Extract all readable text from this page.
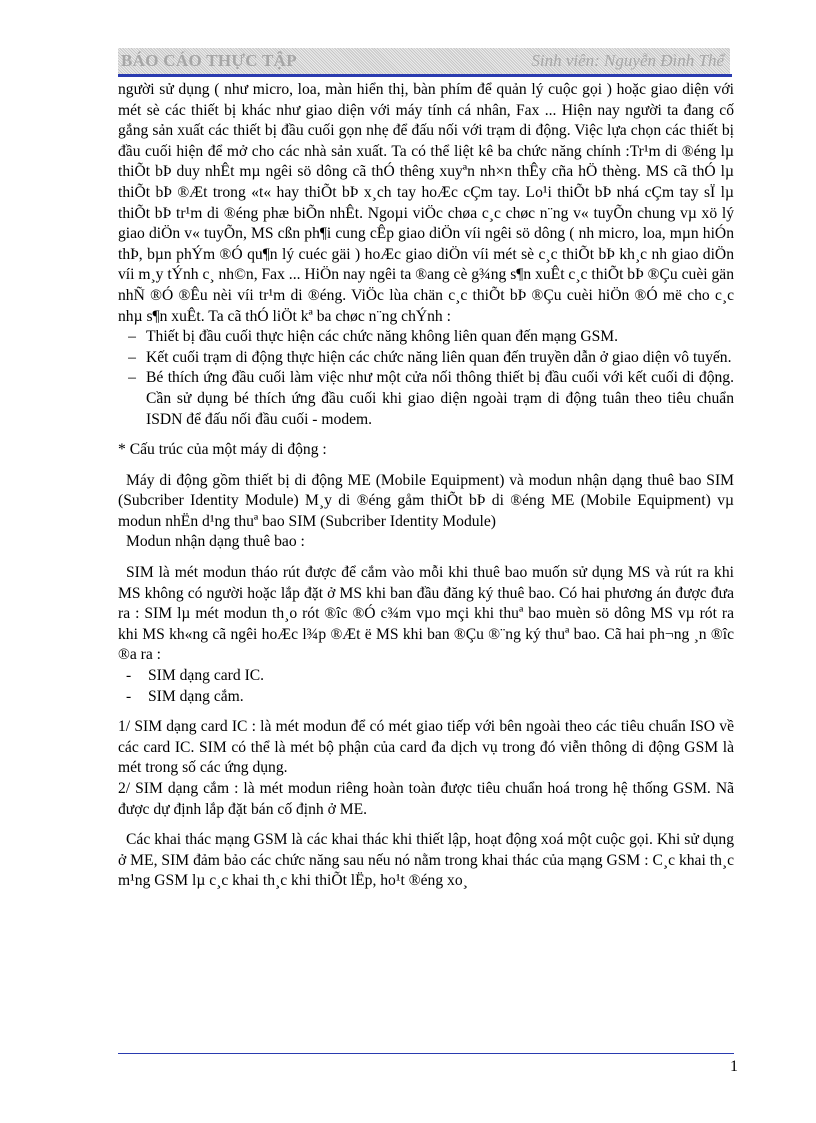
BÁO CÁO THỰC TẬP	Sinh viên: Nguyễn Đình Thể

người sử dụng ( như micro, loa, màn hiển thị, bàn phím để quản lý cuộc gọi ) hoặc giao diện với mét sè các thiết bị khác như giao diện với máy tính cá nhân, Fax ... Hiện nay người ta đang cố gắng sản xuất các thiết bị đầu cuối gọn nhẹ để đấu nối với trạm di động. Việc lựa chọn các thiết bị đầu cuối hiện để mở cho các nhà sản xuất. Ta có thể liệt kê ba chức năng chính :Tr¹m di ®éng lµ thiÕt bÞ duy nhÊt mµ ngêi sö dông cã thÓ thêng xuyªn nh×n thÊy cña hÖ thèng. MS cã thÓ lµ thiÕt bÞ ®Æt trong «t« hay thiÕt bÞ x¸ch tay hoÆc cÇm tay. Lo¹i thiÕt bÞ nhá cÇm tay sÏ lµ thiÕt bÞ tr¹m di ®éng phæ biÕn nhÊt. Ngoµi viÖc chøa c¸c chøc n¨ng v« tuyÕn chung vµ xö lý giao diÖn v« tuyÕn, MS cßn ph¶i cung cÊp giao diÖn víi ngêi sö dông ( nh micro, loa, mµn hiÓn thÞ, bµn phÝm ®Ó qu¶n lý cuéc gäi ) hoÆc giao diÖn víi mét sè c¸c thiÕt bÞ kh¸c nh giao diÖn víi m¸y tÝnh c¸ nh©n, Fax ... HiÖn nay ngêi ta ®ang cè g¾ng s¶n xuÊt c¸c thiÕt bÞ ®Çu cuèi gän nhÑ ®Ó ®Êu nèi víi tr¹m di ®éng. ViÖc lùa chän c¸c thiÕt bÞ ®Çu cuèi hiÖn ®Ó më cho c¸c nhµ s¶n xuÊt. Ta cã thÓ liÖt kª ba chøc n¨ng chÝnh :

– Thiết bị đầu cuối thực hiện các chức năng không liên quan đến mạng GSM.

– Kết cuối trạm di động thực hiện các chức năng liên quan đến truyền dẫn ở giao diện vô tuyến.

– Bé thích ứng đầu cuối làm việc như một cửa nối thông thiết bị đầu cuối với kết cuối di động. Cần sử dụng bé thích ứng đầu cuối khi giao diện ngoài trạm di động tuân theo tiêu chuẩn ISDN để đấu nối đầu cuối - modem.

* Cấu trúc của một máy di động :

Máy di động gồm thiết bị di động ME (Mobile Equipment) và modun nhận dạng thuê bao SIM (Subcriber Identity Module) M¸y di ®éng gåm thiÕt bÞ di ®éng ME (Mobile Equipment) vµ modun nhËn d¹ng thuª bao SIM (Subcriber Identity Module)

Modun nhận dạng thuê bao :

SIM là mét modun tháo rút được để cắm vào mỗi khi thuê bao muốn sử dụng MS và rút ra khi MS không có người hoặc lắp đặt ở MS khi ban đầu đăng ký thuê bao. Có hai phương án được đưa ra : SIM lµ mét modun th¸o rót ®îc ®Ó c¾m vµo mçi khi thuª bao muèn sö dông MS vµ rót ra khi MS kh«ng cã ngêi hoÆc l¾p ®Æt ë MS khi ban ®Çu ®¨ng ký thuª bao. Cã hai ph¬ng ¸n ®îc ®a ra :

- SIM dạng card IC.

- SIM dạng cắm.

1/ SIM dạng card IC : là mét modun để có mét giao tiếp với bên ngoài theo các tiêu chuẩn ISO về các card IC. SIM có thể là mét bộ phận của card đa dịch vụ trong đó viễn thông di động GSM là mét trong số các ứng dụng.

2/ SIM dạng cắm : là mét modun riêng hoàn toàn được tiêu chuẩn hoá trong hệ thống GSM. Nã được dự định lắp đặt bán cố định ở ME.

Các khai thác mạng GSM là các khai thác khi thiết lập, hoạt động xoá một cuộc gọi. Khi sử dụng ở ME, SIM đảm bảo các chức năng sau nếu nó nằm trong khai thác của mạng GSM : C¸c khai th¸c m¹ng GSM lµ c¸c khai th¸c khi thiÕt lËp, ho¹t ®éng xo¸

1
